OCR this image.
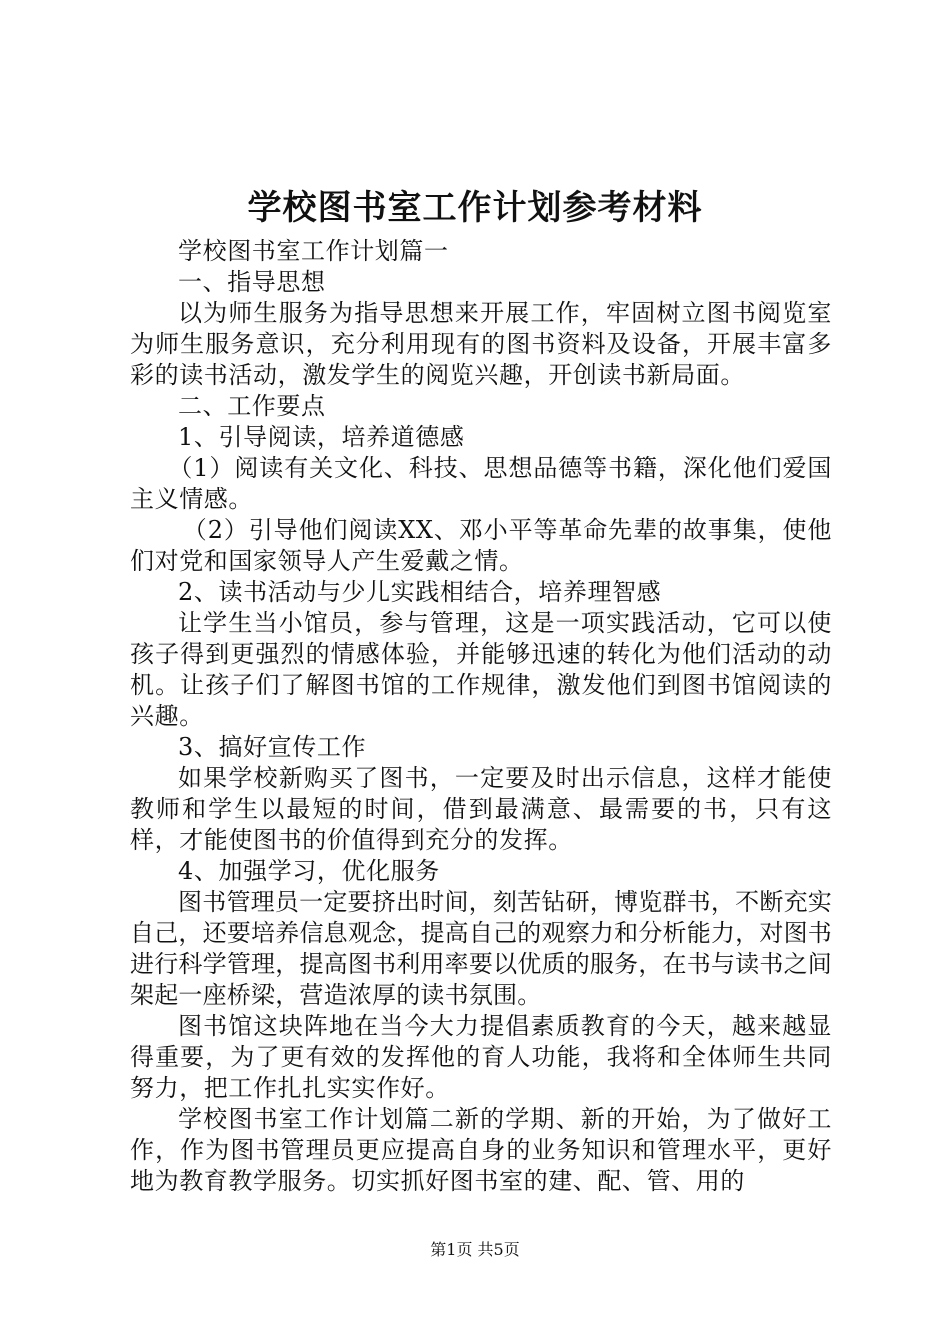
学校图书室工作计划参考材料

学校图书室工作计划篇一

一、指导思想

以为师生服务为指导思想来开展工作，牢固树立图书阅览室为师生服务意识，充分利用现有的图书资料及设备，开展丰富多彩的读书活动，激发学生的阅览兴趣，开创读书新局面。

二、工作要点

1、引导阅读，培养道德感

（1）阅读有关文化、科技、思想品德等书籍，深化他们爱国主义情感。

（2）引导他们阅读XX、邓小平等革命先辈的故事集，使他们对党和国家领导人产生爱戴之情。

2、读书活动与少儿实践相结合，培养理智感

让学生当小馆员，参与管理，这是一项实践活动，它可以使孩子得到更强烈的情感体验，并能够迅速的转化为他们活动的动机。让孩子们了解图书馆的工作规律，激发他们到图书馆阅读的兴趣。

3、搞好宣传工作

如果学校新购买了图书，一定要及时出示信息，这样才能使教师和学生以最短的时间，借到最满意、最需要的书，只有这样，才能使图书的价值得到充分的发挥。

4、加强学习，优化服务

图书管理员一定要挤出时间，刻苦钻研，博览群书，不断充实自己，还要培养信息观念，提高自己的观察力和分析能力，对图书进行科学管理，提高图书利用率要以优质的服务，在书与读书之间架起一座桥梁，营造浓厚的读书氛围。

图书馆这块阵地在当今大力提倡素质教育的今天，越来越显得重要，为了更有效的发挥他的育人功能，我将和全体师生共同努力，把工作扎扎实实作好。

学校图书室工作计划篇二新的学期、新的开始，为了做好工作，作为图书管理员更应提高自身的业务知识和管理水平，更好地为教育教学服务。切实抓好图书室的建、配、管、用的

第1页 共5页
